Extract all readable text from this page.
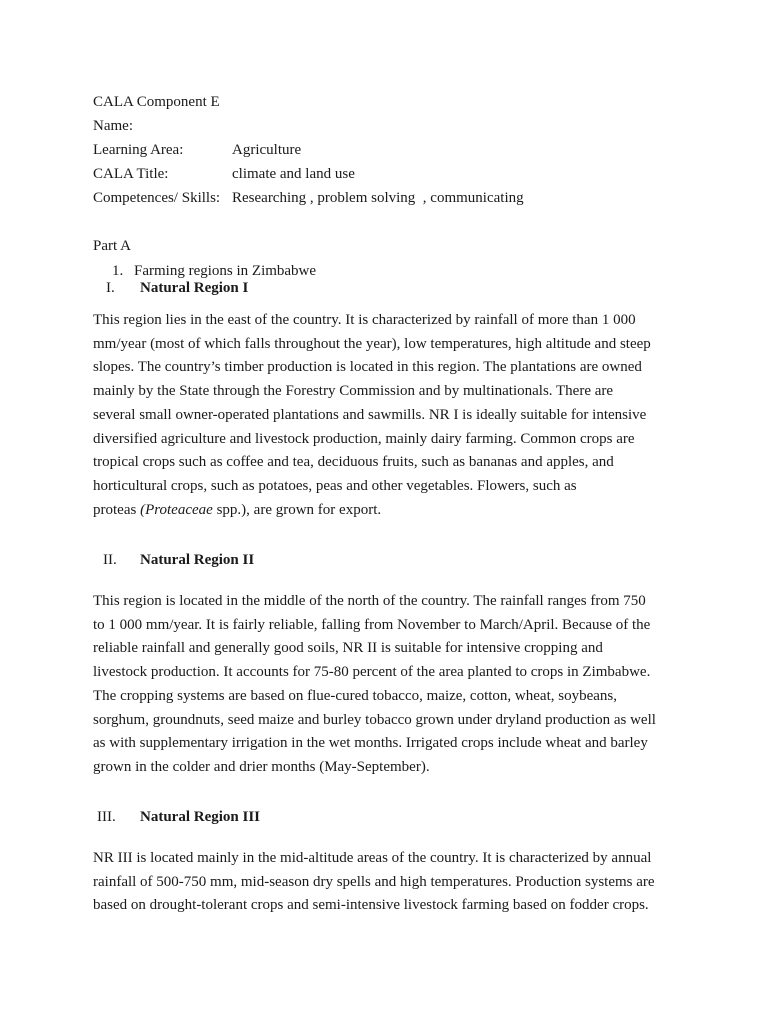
CALA Component E
Name:
Learning Area:	Agriculture
CALA Title:	climate and land use
Competences/ Skills: Researching , problem solving  , communicating
Part A
1. Farming regions in Zimbabwe
I. Natural Region I

This region lies in the east of the country. It is characterized by rainfall of more than 1 000

mm/year (most of which falls throughout the year), low temperatures, high altitude and steep

slopes. The country’s timber production is located in this region. The plantations are owned

mainly by the State through the Forestry Commission and by multinationals. There are

several small owner-operated plantations and sawmills. NR I is ideally suitable for intensive

diversified agriculture and livestock production, mainly dairy farming. Common crops are

tropical crops such as coffee and tea, deciduous fruits, such as bananas and apples, and

horticultural crops, such as potatoes, peas and other vegetables. Flowers, such as

proteas (Proteaceae spp.), are grown for export.

II. Natural Region II

This region is located in the middle of the north of the country. The rainfall ranges from 750

to 1 000 mm/year. It is fairly reliable, falling from November to March/April. Because of the

reliable rainfall and generally good soils, NR II is suitable for intensive cropping and

livestock production. It accounts for 75-80 percent of the area planted to crops in Zimbabwe.

The cropping systems are based on flue-cured tobacco, maize, cotton, wheat, soybeans,

sorghum, groundnuts, seed maize and burley tobacco grown under dryland production as well

as with supplementary irrigation in the wet months. Irrigated crops include wheat and barley

grown in the colder and drier months (May-September).

III. Natural Region III

NR III is located mainly in the mid-altitude areas of the country. It is characterized by annual

rainfall of 500-750 mm, mid-season dry spells and high temperatures. Production systems are

based on drought-tolerant crops and semi-intensive livestock farming based on fodder crops.
